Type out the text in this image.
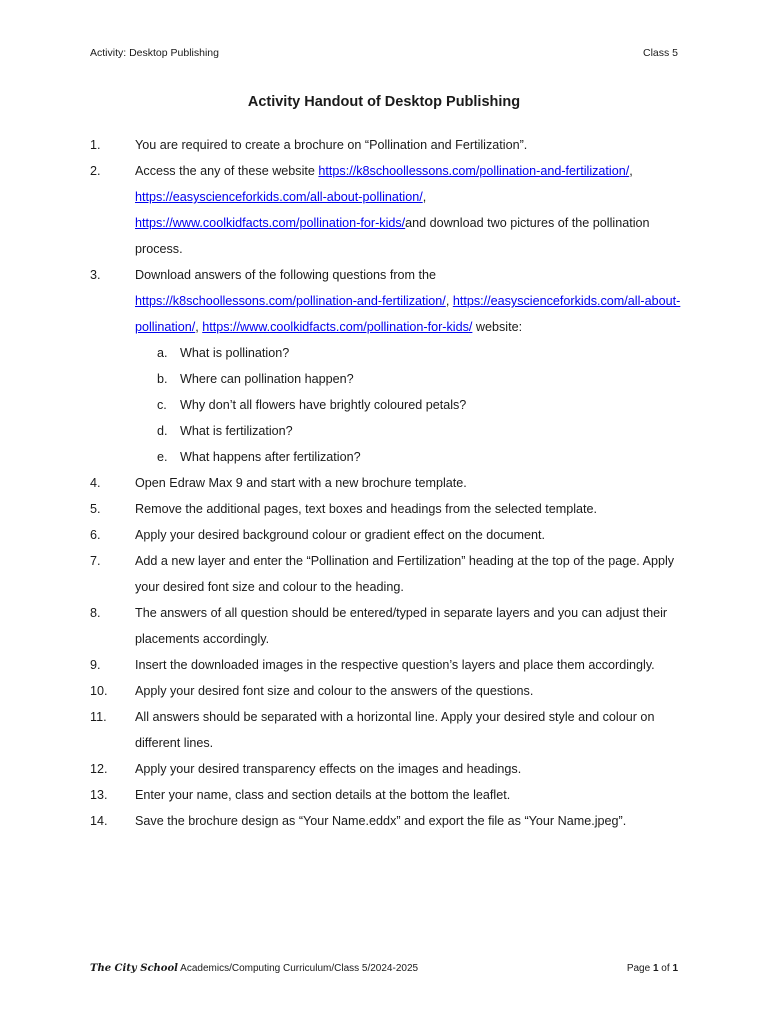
Activity: Desktop Publishing	Class 5
Activity Handout of Desktop Publishing
1.	You are required to create a brochure on “Pollination and Fertilization”.
2.	Access the any of these website https://k8schoollessons.com/pollination-and-fertilization/,
https://easyscienceforkids.com/all-about-pollination/,
https://www.coolkidfacts.com/pollination-for-kids/and download two pictures of the pollination process.
3.	Download answers of the following questions from the
https://k8schoollessons.com/pollination-and-fertilization/, https://easyscienceforkids.com/all-about-pollination/, https://www.coolkidfacts.com/pollination-for-kids/ website:
a. What is pollination?
b. Where can pollination happen?
c. Why don’t all flowers have brightly coloured petals?
d. What is fertilization?
e. What happens after fertilization?
4.	Open Edraw Max 9 and start with a new brochure template.
5.	Remove the additional pages, text boxes and headings from the selected template.
6.	Apply your desired background colour or gradient effect on the document.
7.	Add a new layer and enter the “Pollination and Fertilization” heading at the top of the page. Apply your desired font size and colour to the heading.
8.	The answers of all question should be entered/typed in separate layers and you can adjust their placements accordingly.
9.	Insert the downloaded images in the respective question’s layers and place them accordingly.
10. Apply your desired font size and colour to the answers of the questions.
11. All answers should be separated with a horizontal line. Apply your desired style and colour on different lines.
12. Apply your desired transparency effects on the images and headings.
13. Enter your name, class and section details at the bottom the leaflet.
14. Save the brochure design as “Your Name.eddx” and export the file as “Your Name.jpeg”.
The City School Academics/Computing Curriculum/Class 5/2024-2025	Page 1 of 1
